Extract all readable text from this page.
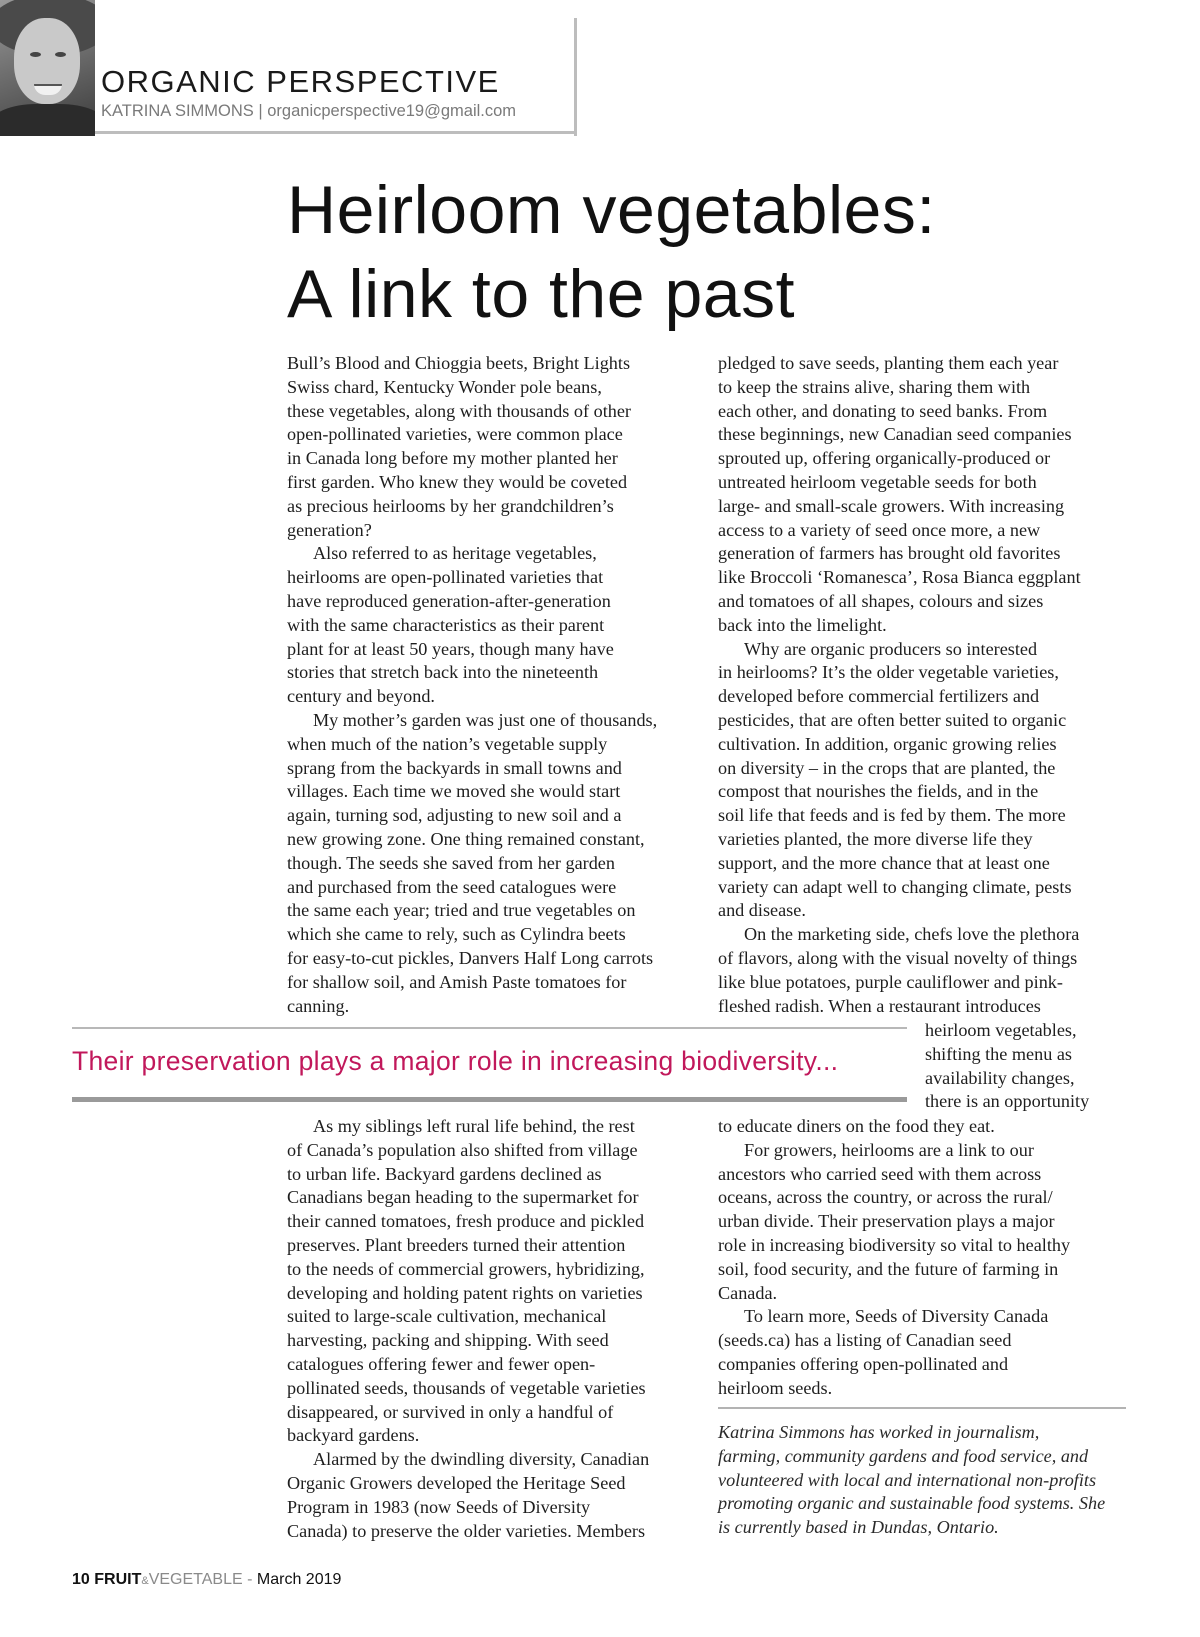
ORGANIC PERSPECTIVE
KATRINA SIMMONS | organicperspective19@gmail.com
Heirloom vegetables:
A link to the past
Bull’s Blood and Chioggia beets, Bright Lights
Swiss chard, Kentucky Wonder pole beans,
these vegetables, along with thousands of other
open-pollinated varieties, were common place
in Canada long before my mother planted her
first garden. Who knew they would be coveted
as precious heirlooms by her grandchildren’s
generation?
Also referred to as heritage vegetables,
heirlooms are open-pollinated varieties that
have reproduced generation-after-generation
with the same characteristics as their parent
plant for at least 50 years, though many have
stories that stretch back into the nineteenth
century and beyond.
My mother’s garden was just one of thousands,
when much of the nation’s vegetable supply
sprang from the backyards in small towns and
villages. Each time we moved she would start
again, turning sod, adjusting to new soil and a
new growing zone. One thing remained constant,
though. The seeds she saved from her garden
and purchased from the seed catalogues were
the same each year; tried and true vegetables on
which she came to rely, such as Cylindra beets
for easy-to-cut pickles, Danvers Half Long carrots
for shallow soil, and Amish Paste tomatoes for
canning.
pledged to save seeds, planting them each year
to keep the strains alive, sharing them with
each other, and donating to seed banks. From
these beginnings, new Canadian seed companies
sprouted up, offering organically-produced or
untreated heirloom vegetable seeds for both
large- and small-scale growers. With increasing
access to a variety of seed once more, a new
generation of farmers has brought old favorites
like Broccoli ‘Romanesca’, Rosa Bianca eggplant
and tomatoes of all shapes, colours and sizes
back into the limelight.
Why are organic producers so interested
in heirlooms? It’s the older vegetable varieties,
developed before commercial fertilizers and
pesticides, that are often better suited to organic
cultivation. In addition, organic growing relies
on diversity – in the crops that are planted, the
compost that nourishes the fields, and in the
soil life that feeds and is fed by them. The more
varieties planted, the more diverse life they
support, and the more chance that at least one
variety can adapt well to changing climate, pests
and disease.
On the marketing side, chefs love the plethora
of flavors, along with the visual novelty of things
like blue potatoes, purple cauliflower and pink-
fleshed radish. When a restaurant introduces
heirloom vegetables,
shifting the menu as
availability changes,
there is an opportunity

Their preservation plays a major role in increasing biodiversity...

As my siblings left rural life behind, the rest
of Canada’s population also shifted from village
to urban life. Backyard gardens declined as
Canadians began heading to the supermarket for
their canned tomatoes, fresh produce and pickled
preserves. Plant breeders turned their attention
to the needs of commercial growers, hybridizing,
developing and holding patent rights on varieties
suited to large-scale cultivation, mechanical
harvesting, packing and shipping. With seed
catalogues offering fewer and fewer open-
pollinated seeds, thousands of vegetable varieties
disappeared, or survived in only a handful of
backyard gardens.
Alarmed by the dwindling diversity, Canadian
Organic Growers developed the Heritage Seed
Program in 1983 (now Seeds of Diversity
Canada) to preserve the older varieties. Members
to educate diners on the food they eat.
For growers, heirlooms are a link to our
ancestors who carried seed with them across
oceans, across the country, or across the rural/
urban divide. Their preservation plays a major
role in increasing biodiversity so vital to healthy
soil, food security, and the future of farming in
Canada.
To learn more, Seeds of Diversity Canada
(seeds.ca) has a listing of Canadian seed
companies offering open-pollinated and
heirloom seeds.
Katrina Simmons has worked in journalism,
farming, community gardens and food service, and
volunteered with local and international non-profits
promoting organic and sustainable food systems. She
is currently based in Dundas, Ontario.
10 FRUIT&VEGETABLE - March 2019
